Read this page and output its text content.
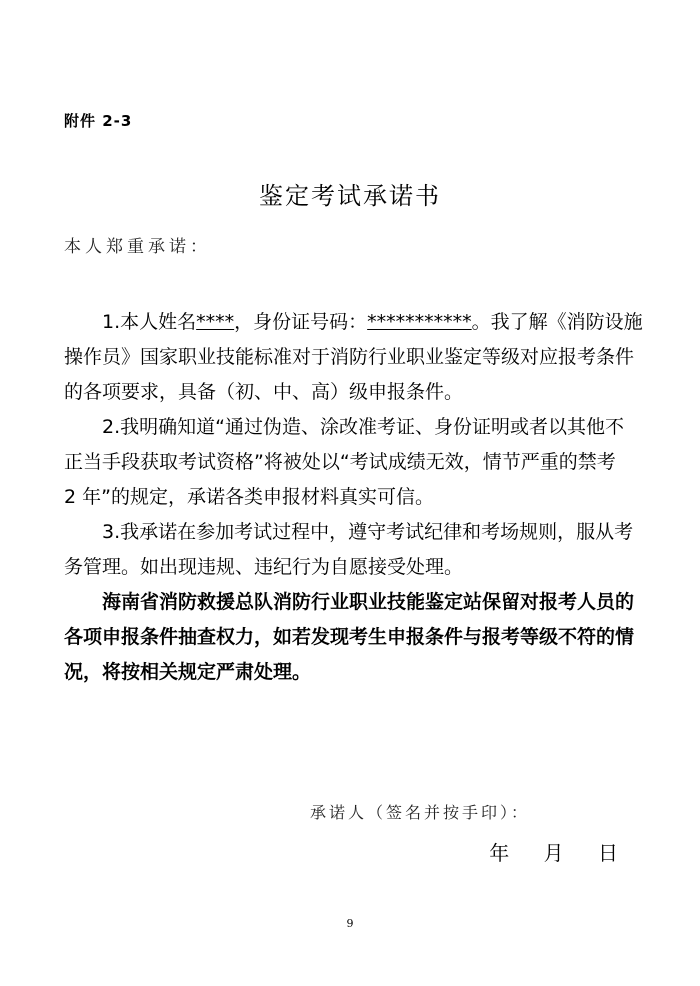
附件 2-3
鉴定考试承诺书
本人郑重承诺：
1.本人姓名****，身份证号码：***********。我了解《消防设施
操作员》国家职业技能标准对于消防行业职业鉴定等级对应报考条件
的各项要求，具备（初、中、高）级申报条件。
2.我明确知道“通过伪造、涂改准考证、身份证明或者以其他不
正当手段获取考试资格”将被处以“考试成绩无效，情节严重的禁考
2 年”的规定，承诺各类申报材料真实可信。
3.我承诺在参加考试过程中，遵守考试纪律和考场规则，服从考
务管理。如出现违规、违纪行为自愿接受处理。
海南省消防救援总队消防行业职业技能鉴定站保留对报考人员的
各项申报条件抽查权力，如若发现考生申报条件与报考等级不符的情
况，将按相关规定严肃处理。
承诺人（签名并按手印）：
年 月 日
9
